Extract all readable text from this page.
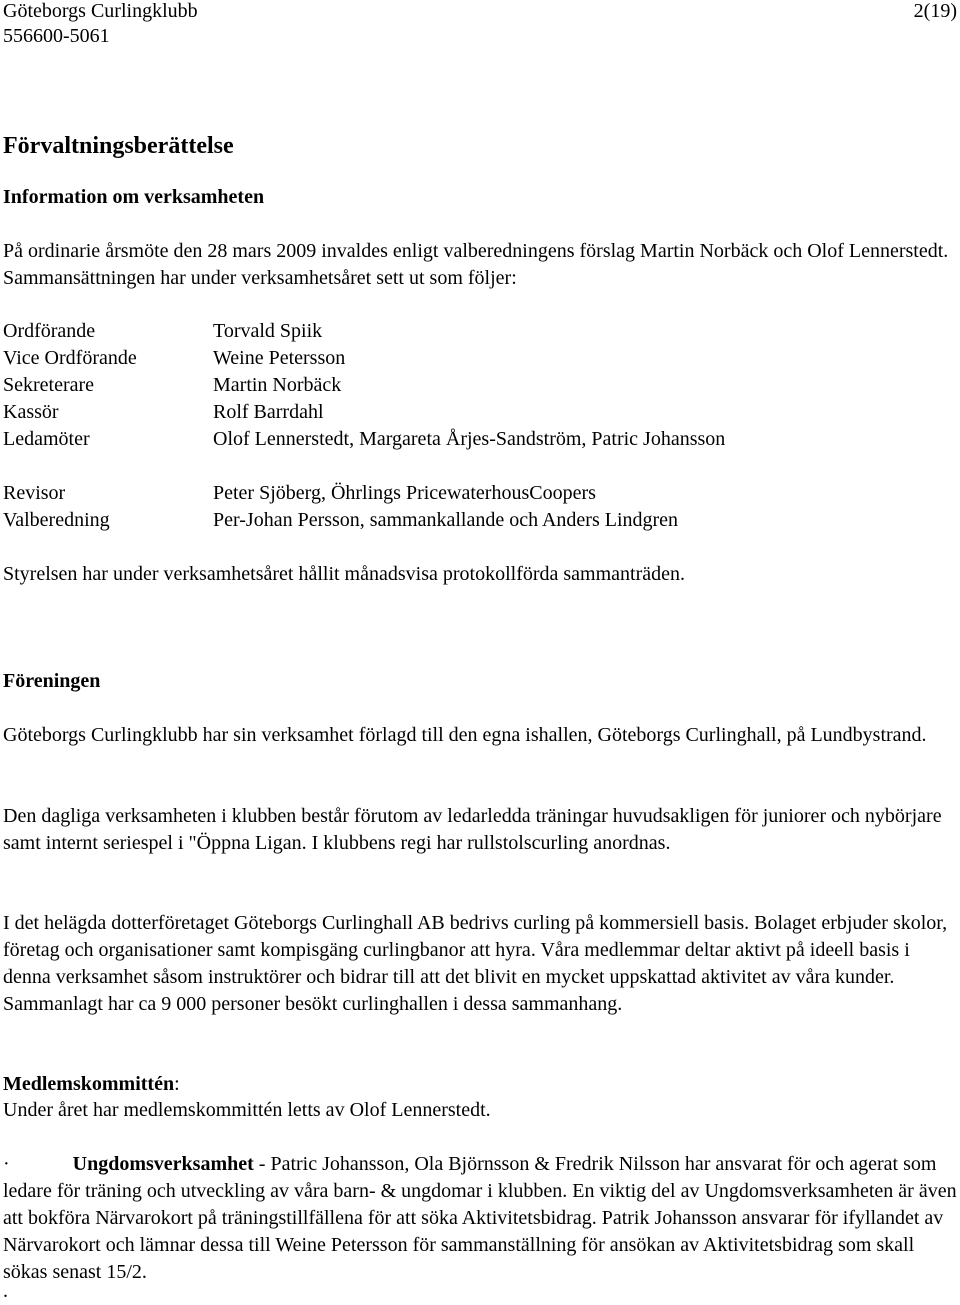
Göteborgs Curlingklubb	2(19)
556600-5061
Förvaltningsberättelse
Information om verksamheten

På ordinarie årsmöte den 28 mars 2009 invaldes enligt valberedningens förslag Martin Norbäck och Olof Lennerstedt. Sammansättningen har under verksamhetsåret sett ut som följer:

Ordförande	Torvald Spiik
Vice Ordförande	Weine Petersson
Sekreterare	Martin Norbäck
Kassör	Rolf Barrdahl
Ledamöter	Olof Lennerstedt, Margareta Årjes-Sandström, Patric Johansson
Revisor	Peter Sjöberg, Öhrlings PricewaterhousCoopers
Valberedning	Per-Johan Persson, sammankallande och Anders Lindgren
Styrelsen har under verksamhetsåret hållit månadsvisa protokollförda sammanträden.
Föreningen

Göteborgs Curlingklubb har sin verksamhet förlagd till den egna ishallen, Göteborgs Curlinghall, på Lundbystrand.

Den dagliga verksamheten i klubben består förutom av ledarledda träningar huvudsakligen för juniorer och nybörjare samt internt seriespel i "Öppna Ligan. I klubbens regi har rullstolscurling anordnas.

I det helägda dotterföretaget Göteborgs Curlinghall AB bedrivs curling på kommersiell basis. Bolaget erbjuder skolor, företag och organisationer samt kompisgäng curlingbanor att hyra. Våra medlemmar deltar aktivt på ideell basis i denna verksamhet såsom instruktörer och bidrar till att det blivit en mycket uppskattad aktivitet av våra kunder. Sammanlagt har ca 9 000 personer besökt curlinghallen i dessa sammanhang.

Medlemskommittén:
Under året har medlemskommittén letts av Olof Lennerstedt.

·	Ungdomsverksamhet - Patric Johansson, Ola Björnsson & Fredrik Nilsson har ansvarat för och agerat som ledare för träning och utveckling av våra barn- & ungdomar i klubben. En viktig del av Ungdomsverksamheten är även att bokföra Närvarokort på träningstillfällena för att söka Aktivitetsbidrag. Patrik Johansson ansvarar för ifyllandet av Närvarokort och lämnar dessa till Weine Petersson för sammanställning för ansökan av Aktivitetsbidrag som skall sökas senast 15/2.

.
